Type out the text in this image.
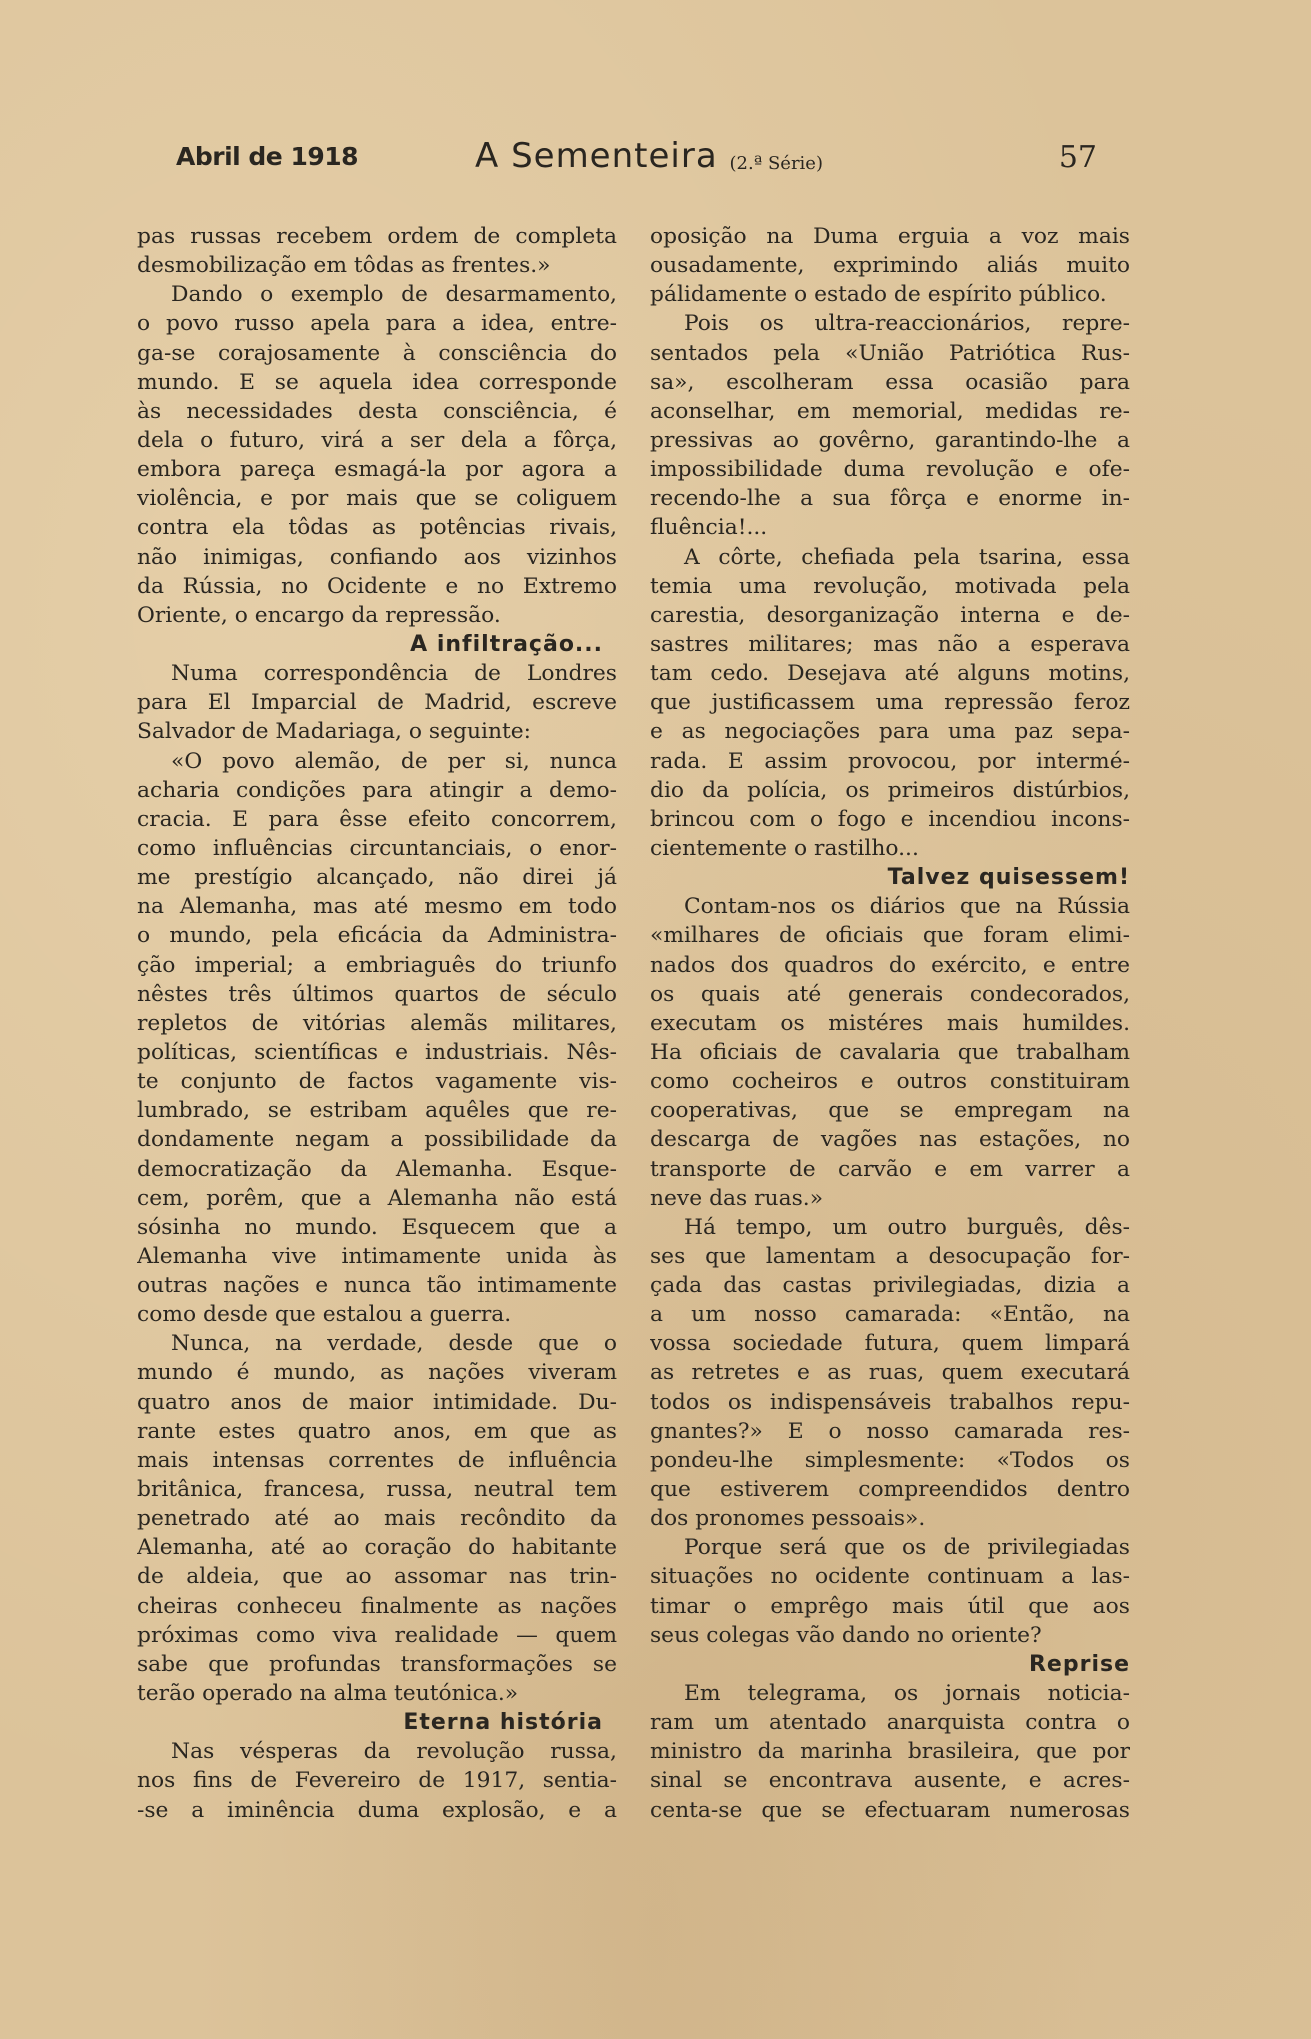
Abril de 1918	A Sementeira (2.ª Série)	57
pas russas recebem ordem de completa
desmobilização em tôdas as frentes.»
Dando o exemplo de desarmamento,
o povo russo apela para a idea, entre-
ga-se corajosamente à consciência do
mundo. E se aquela idea corresponde
às necessidades desta consciência, é
dela o futuro, virá a ser dela a fôrça,
embora pareça esmagá-la por agora a
violência, e por mais que se coliguem
contra ela tôdas as potências rivais,
não inimigas, confiando aos vizinhos
da Rússia, no Ocidente e no Extremo
Oriente, o encargo da repressão.
A infiltração...
Numa correspondência de Londres
para El Imparcial de Madrid, escreve
Salvador de Madariaga, o seguinte:
«O povo alemão, de per si, nunca
acharia condições para atingir a demo-
cracia. E para êsse efeito concorrem,
como influências circuntanciais, o enor-
me prestígio alcançado, não direi já
na Alemanha, mas até mesmo em todo
o mundo, pela eficácia da Administra-
ção imperial; a embriaguês do triunfo
nêstes três últimos quartos de século
repletos de vitórias alemãs militares,
políticas, scientíficas e industriais. Nês-
te conjunto de factos vagamente vis-
lumbrado, se estribam aquêles que re-
dondamente negam a possibilidade da
democratização da Alemanha. Esque-
cem, porêm, que a Alemanha não está
sósinha no mundo. Esquecem que a
Alemanha vive intimamente unida às
outras nações e nunca tão intimamente
como desde que estalou a guerra.
Nunca, na verdade, desde que o
mundo é mundo, as nações viveram
quatro anos de maior intimidade. Du-
rante estes quatro anos, em que as
mais intensas correntes de influência
britânica, francesa, russa, neutral tem
penetrado até ao mais recôndito da
Alemanha, até ao coração do habitante
de aldeia, que ao assomar nas trin-
cheiras conheceu finalmente as nações
próximas como viva realidade — quem
sabe que profundas transformações se
terão operado na alma teutónica.»
Eterna história
Nas vésperas da revolução russa,
nos fins de Fevereiro de 1917, sentia-
-se a iminência duma explosão, e a
oposição na Duma erguia a voz mais
ousadamente, exprimindo aliás muito
pálidamente o estado de espírito público.
Pois os ultra-reaccionários, repre-
sentados pela «União Patriótica Rus-
sa», escolheram essa ocasião para
aconselhar, em memorial, medidas re-
pressivas ao govêrno, garantindo-lhe a
impossibilidade duma revolução e ofe-
recendo-lhe a sua fôrça e enorme in-
fluência!...
A côrte, chefiada pela tsarina, essa
temia uma revolução, motivada pela
carestia, desorganização interna e de-
sastres militares; mas não a esperava
tam cedo. Desejava até alguns motins,
que justificassem uma repressão feroz
e as negociações para uma paz sepa-
rada. E assim provocou, por intermé-
dio da polícia, os primeiros distúrbios,
brincou com o fogo e incendiou incons-
cientemente o rastilho...
Talvez quisessem!
Contam-nos os diários que na Rússia
«milhares de oficiais que foram elimi-
nados dos quadros do exército, e entre
os quais até generais condecorados,
executam os mistéres mais humildes.
Ha oficiais de cavalaria que trabalham
como cocheiros e outros constituiram
cooperativas, que se empregam na
descarga de vagões nas estações, no
transporte de carvão e em varrer a
neve das ruas.»
Há tempo, um outro burguês, dês-
ses que lamentam a desocupação for-
çada das castas privilegiadas, dizia a
a um nosso camarada: «Então, na
vossa sociedade futura, quem limpará
as retretes e as ruas, quem executará
todos os indispensáveis trabalhos repu-
gnantes?» E o nosso camarada res-
pondeu-lhe simplesmente: «Todos os
que estiverem compreendidos dentro
dos pronomes pessoais».
Porque será que os de privilegiadas
situações no ocidente continuam a las-
timar o emprêgo mais útil que aos
seus colegas vão dando no oriente?
Reprise
Em telegrama, os jornais noticia-
ram um atentado anarquista contra o
ministro da marinha brasileira, que por
sinal se encontrava ausente, e acres-
centa-se que se efectuaram numerosas
